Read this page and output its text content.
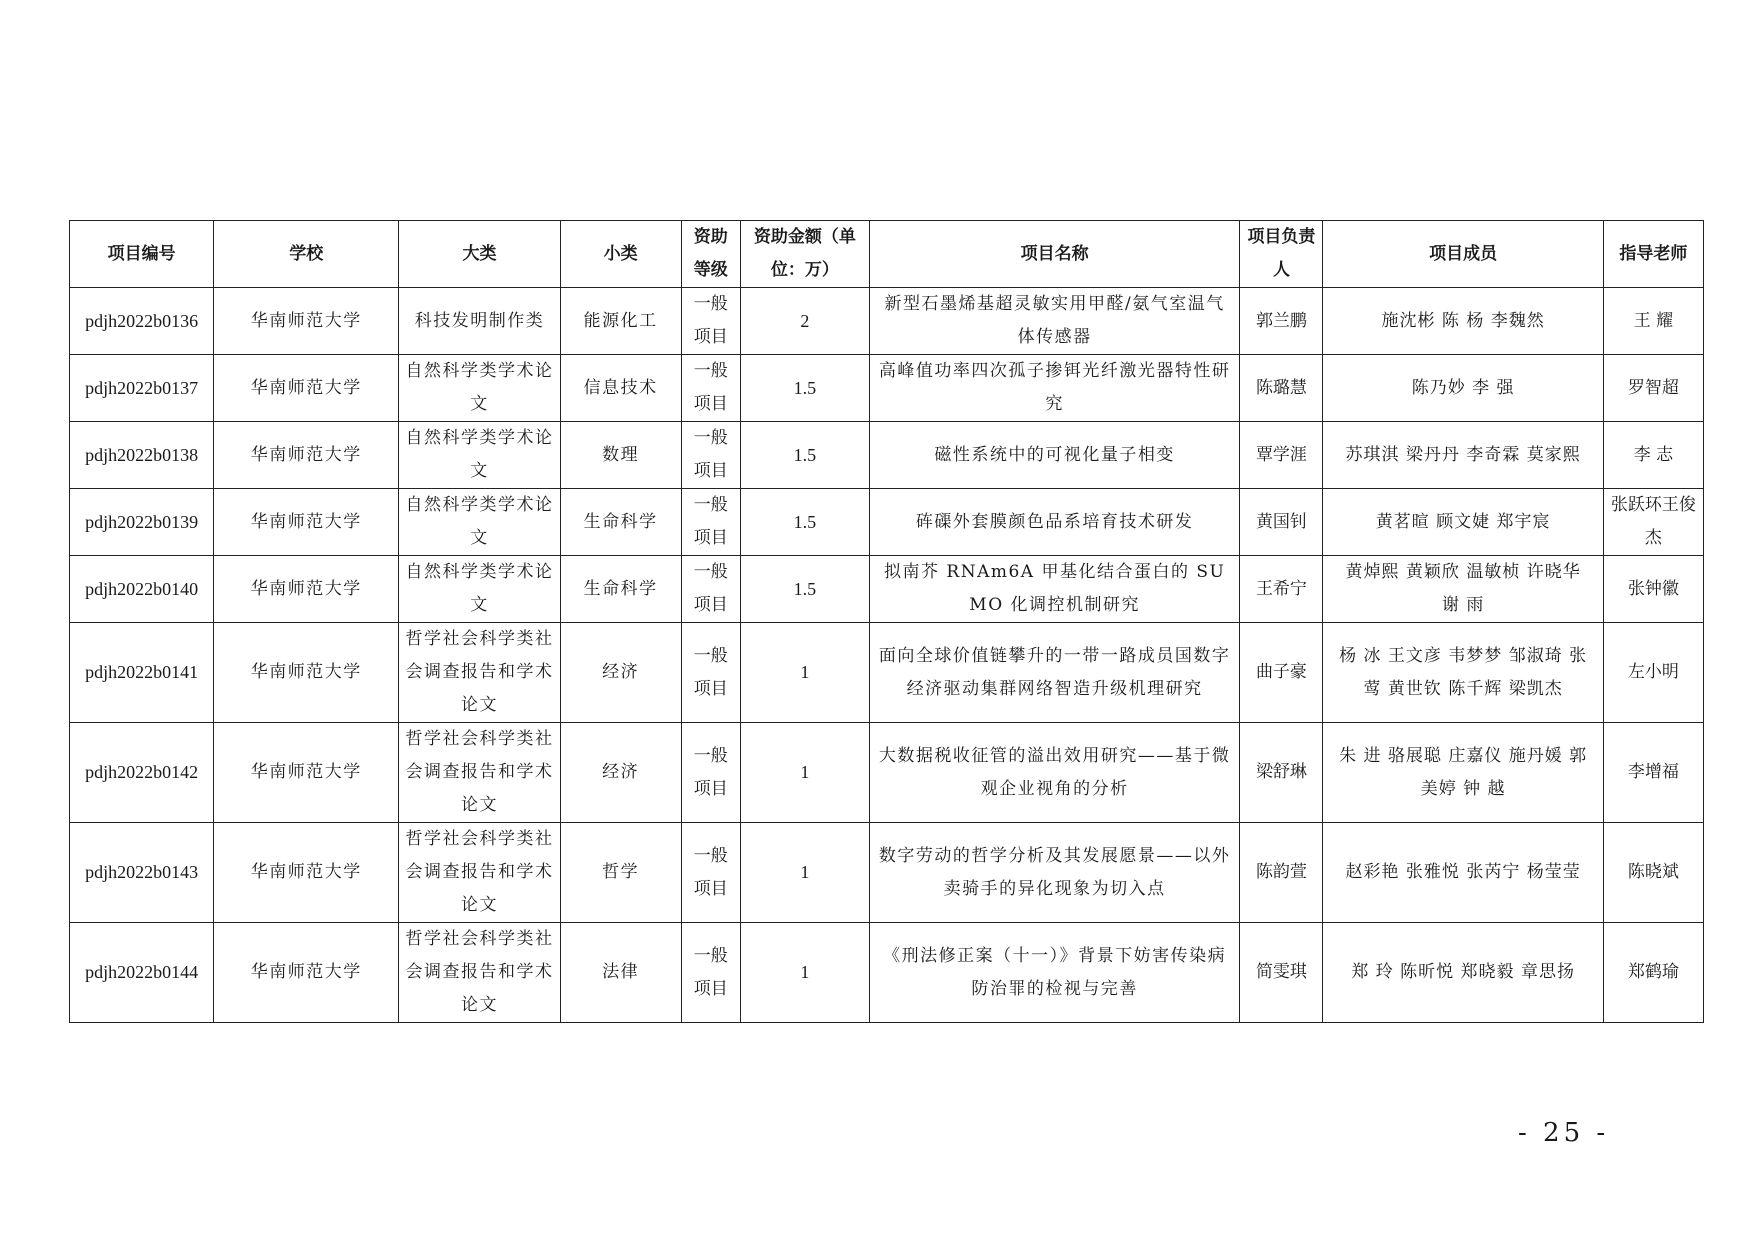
项目编号	学校	大类	小类	资助等级	资助金额（单位：万）	项目名称	项目负责人	项目成员	指导老师
pdjh2022b0136	华南师范大学	科技发明制作类	能源化工	一般项目	2	新型石墨烯基超灵敏实用甲醛/氨气室温气体传感器	郭兰鹏	施沈彬 陈 杨 李魏然	王 耀
pdjh2022b0137	华南师范大学	自然科学类学术论文	信息技术	一般项目	1.5	高峰值功率四次孤子掺铒光纤激光器特性研究	陈璐慧	陈乃妙 李 强	罗智超
pdjh2022b0138	华南师范大学	自然科学类学术论文	数理	一般项目	1.5	磁性系统中的可视化量子相变	覃学涯	苏琪淇 梁丹丹 李奇霖 莫家熙	李 志
pdjh2022b0139	华南师范大学	自然科学类学术论文	生命科学	一般项目	1.5	砗磲外套膜颜色品系培育技术研发	黄国钊	黄茗暄 顾文婕 郑宇宸	张跃环王俊杰
pdjh2022b0140	华南师范大学	自然科学类学术论文	生命科学	一般项目	1.5	拟南芥 RNAm6A 甲基化结合蛋白的 SUMO 化调控机制研究	王希宁	黄焯熙 黄颖欣 温敏桢 许晓华 谢 雨	张钟徽
pdjh2022b0141	华南师范大学	哲学社会科学类社会调查报告和学术论文	经济	一般项目	1	面向全球价值链攀升的一带一路成员国数字经济驱动集群网络智造升级机理研究	曲子豪	杨 冰 王文彦 韦梦梦 邹淑琦 张 莺 黄世钦 陈千辉 梁凯杰	左小明
pdjh2022b0142	华南师范大学	哲学社会科学类社会调查报告和学术论文	经济	一般项目	1	大数据税收征管的溢出效用研究——基于微观企业视角的分析	梁舒琳	朱 进 骆展聪 庄嘉仪 施丹媛 郭美婷 钟 越	李增福
pdjh2022b0143	华南师范大学	哲学社会科学类社会调查报告和学术论文	哲学	一般项目	1	数字劳动的哲学分析及其发展愿景——以外卖骑手的异化现象为切入点	陈韵萱	赵彩艳 张雅悦 张芮宁 杨莹莹	陈晓斌
pdjh2022b0144	华南师范大学	哲学社会科学类社会调查报告和学术论文	法律	一般项目	1	《刑法修正案（十一）》背景下妨害传染病防治罪的检视与完善	简雯琪	郑 玲 陈昕悦 郑晓毅 章思扬	郑鹤瑜
- 25 -
